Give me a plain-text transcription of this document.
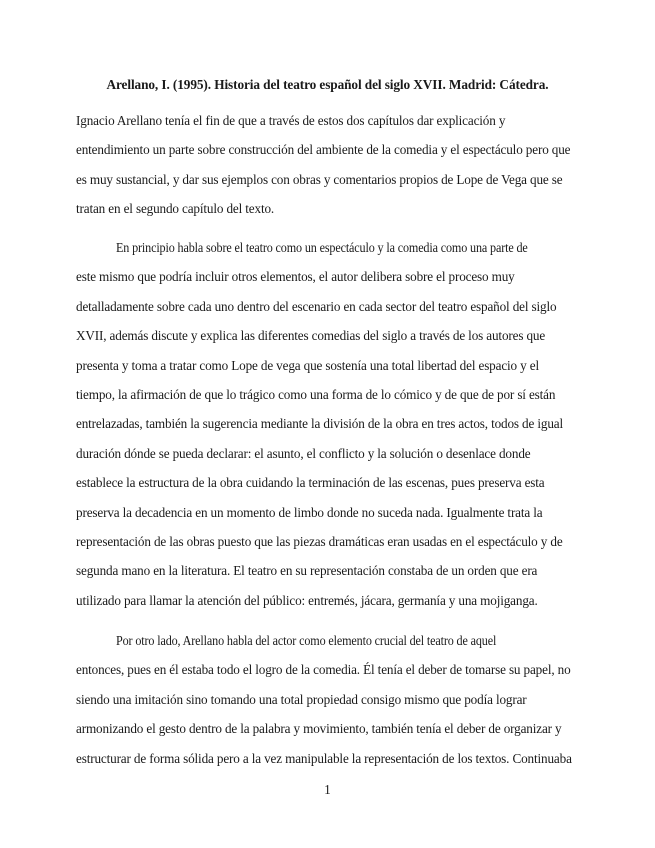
Arellano, I. (1995). Historia del teatro español del siglo XVII. Madrid: Cátedra.
Ignacio Arellano tenía el fin de que a través de estos dos capítulos dar explicación y
entendimiento un parte sobre construcción del ambiente de la comedia y el espectáculo pero que
es muy sustancial, y dar sus ejemplos con obras y comentarios propios de Lope de Vega que se
tratan en el segundo capítulo del texto.
En principio habla sobre el teatro como un espectáculo y la comedia como una parte de
este mismo que podría incluir otros elementos, el autor delibera sobre el proceso muy
detalladamente sobre cada uno dentro del escenario en cada sector del teatro español del siglo
XVII, además discute y explica las diferentes comedias del siglo a través de los autores que
presenta y toma a tratar como Lope de vega que sostenía una total libertad del espacio y el
tiempo, la afirmación de que lo trágico como una forma de lo cómico y de que de por sí están
entrelazadas, también la sugerencia mediante la división de la obra en tres actos, todos de igual
duración dónde se pueda declarar: el asunto, el conflicto y la solución o desenlace donde
establece la estructura de la obra cuidando la terminación de las escenas, pues preserva esta
preserva la decadencia en un momento de limbo donde no suceda nada. Igualmente trata la
representación de las obras puesto que las piezas dramáticas eran usadas en el espectáculo y de
segunda mano en la literatura. El teatro en su representación constaba de un orden que era
utilizado para llamar la atención del público: entremés, jácara, germanía y una mojiganga.
Por otro lado, Arellano habla del actor como elemento crucial del teatro de aquel
entonces, pues en él estaba todo el logro de la comedia. Él tenía el deber de tomarse su papel, no
siendo una imitación sino tomando una total propiedad consigo mismo que podía lograr
armonizando el gesto dentro de la palabra y movimiento, también tenía el deber de organizar y
estructurar de forma sólida pero a la vez manipulable la representación de los textos. Continuaba
1
